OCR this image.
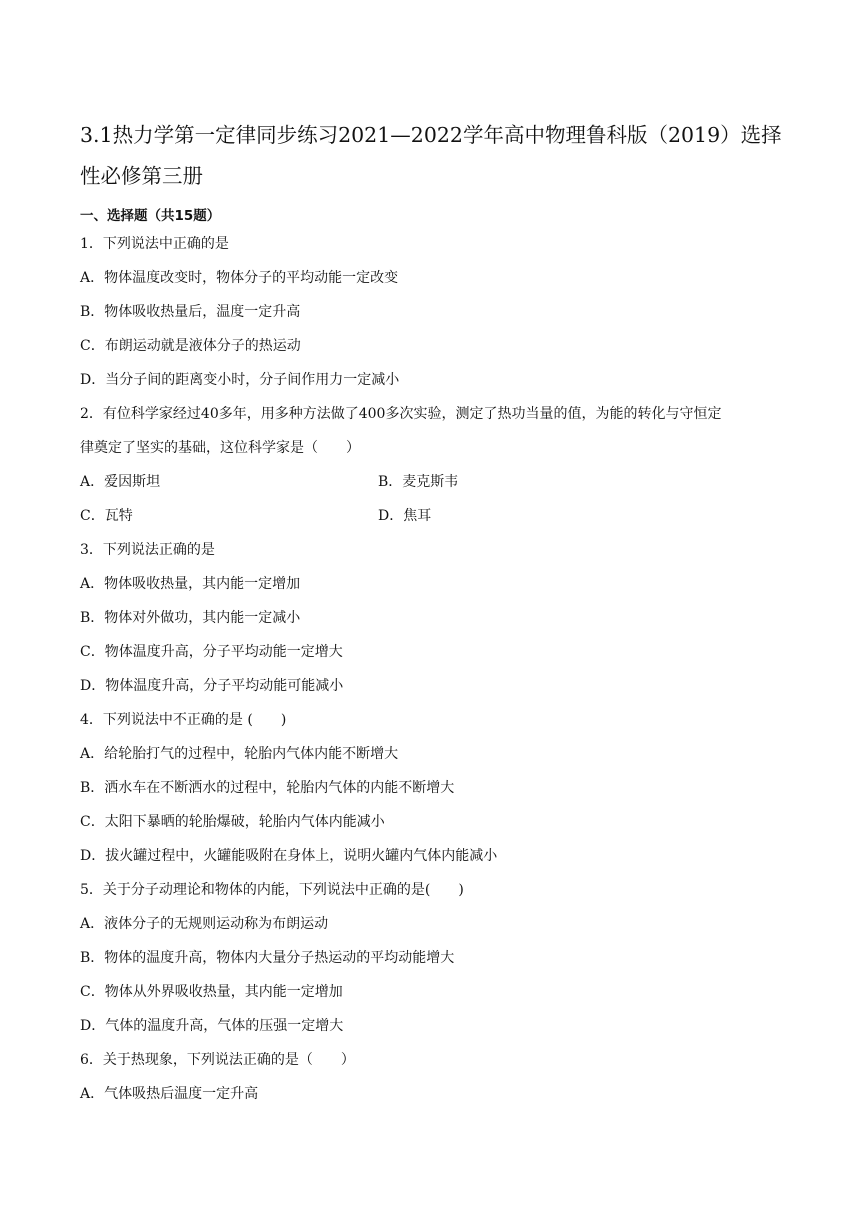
3.1热力学第一定律同步练习2021—2022学年高中物理鲁科版（2019）选择性必修第三册
一、选择题（共15题）
1．下列说法中正确的是
A．物体温度改变时，物体分子的平均动能一定改变
B．物体吸收热量后，温度一定升高
C．布朗运动就是液体分子的热运动
D．当分子间的距离变小时，分子间作用力一定减小
2．有位科学家经过40多年，用多种方法做了400多次实验，测定了热功当量的值，为能的转化与守恒定
律奠定了坚实的基础，这位科学家是（　　）
A．爱因斯坦	B．麦克斯韦
C．瓦特	D．焦耳
3．下列说法正确的是
A．物体吸收热量，其内能一定增加
B．物体对外做功，其内能一定减小
C．物体温度升高，分子平均动能一定增大
D．物体温度升高，分子平均动能可能减小
4．下列说法中不正确的是 (　　)
A．给轮胎打气的过程中，轮胎内气体内能不断增大
B．洒水车在不断洒水的过程中，轮胎内气体的内能不断增大
C．太阳下暴晒的轮胎爆破，轮胎内气体内能减小
D．拔火罐过程中，火罐能吸附在身体上，说明火罐内气体内能减小
5．关于分子动理论和物体的内能，下列说法中正确的是(　　)
A．液体分子的无规则运动称为布朗运动
B．物体的温度升高，物体内大量分子热运动的平均动能增大
C．物体从外界吸收热量，其内能一定增加
D．气体的温度升高，气体的压强一定增大
6．关于热现象，下列说法正确的是（　　）
A．气体吸热后温度一定升高
